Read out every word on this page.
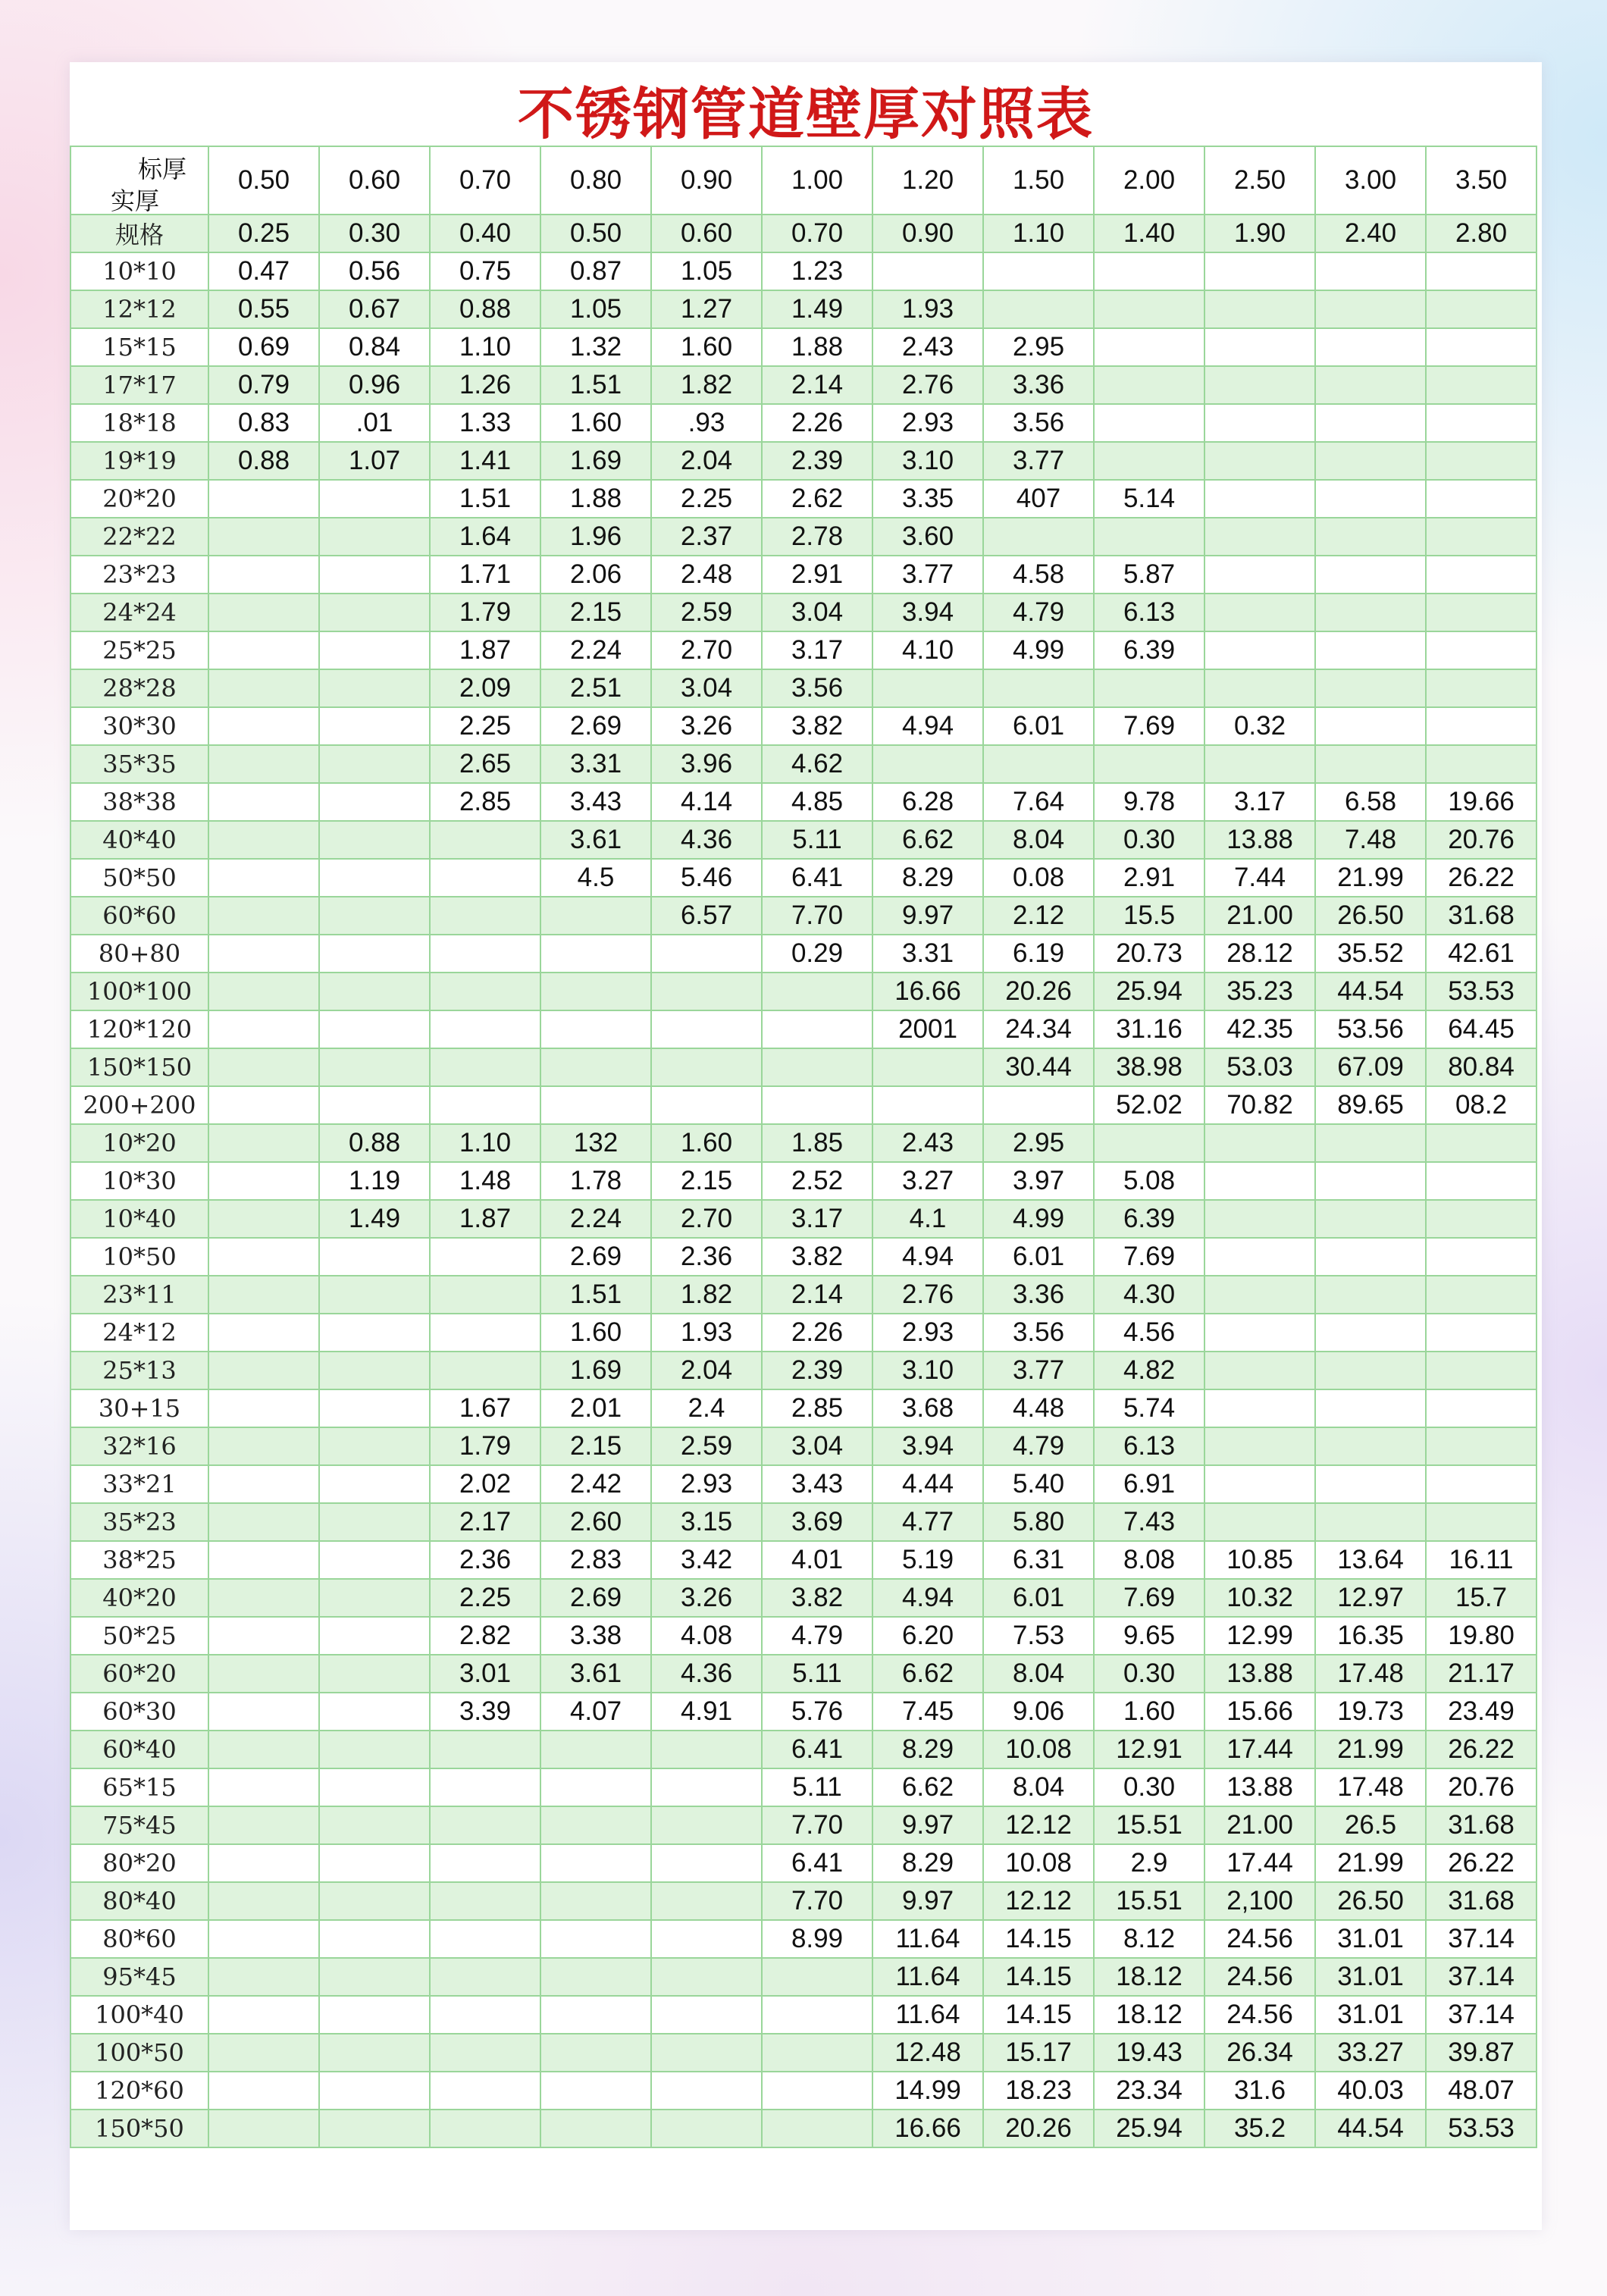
不锈钢管道壁厚对照表
标厚
实厚	0.50	0.60	0.70	0.80	0.90	1.00	1.20	1.50	2.00	2.50	3.00	3.50
规格	0.25	0.30	0.40	0.50	0.60	0.70	0.90	1.10	1.40	1.90	2.40	2.80
10*10	0.47	0.56	0.75	0.87	1.05	1.23						
12*12	0.55	0.67	0.88	1.05	1.27	1.49	1.93					
15*15	0.69	0.84	1.10	1.32	1.60	1.88	2.43	2.95				
17*17	0.79	0.96	1.26	1.51	1.82	2.14	2.76	3.36				
18*18	0.83	.01	1.33	1.60	.93	2.26	2.93	3.56				
19*19	0.88	1.07	1.41	1.69	2.04	2.39	3.10	3.77				
20*20			1.51	1.88	2.25	2.62	3.35	407	5.14			
22*22			1.64	1.96	2.37	2.78	3.60					
23*23			1.71	2.06	2.48	2.91	3.77	4.58	5.87			
24*24			1.79	2.15	2.59	3.04	3.94	4.79	6.13			
25*25			1.87	2.24	2.70	3.17	4.10	4.99	6.39			
28*28			2.09	2.51	3.04	3.56						
30*30			2.25	2.69	3.26	3.82	4.94	6.01	7.69	0.32		
35*35			2.65	3.31	3.96	4.62						
38*38			2.85	3.43	4.14	4.85	6.28	7.64	9.78	3.17	6.58	19.66
40*40				3.61	4.36	5.11	6.62	8.04	0.30	13.88	7.48	20.76
50*50				4.5	5.46	6.41	8.29	0.08	2.91	7.44	21.99	26.22
60*60					6.57	7.70	9.97	2.12	15.5	21.00	26.50	31.68
80+80						0.29	3.31	6.19	20.73	28.12	35.52	42.61
100*100							16.66	20.26	25.94	35.23	44.54	53.53
120*120							2001	24.34	31.16	42.35	53.56	64.45
150*150								30.44	38.98	53.03	67.09	80.84
200+200									52.02	70.82	89.65	08.2
10*20		0.88	1.10	132	1.60	1.85	2.43	2.95				
10*30		1.19	1.48	1.78	2.15	2.52	3.27	3.97	5.08			
10*40		1.49	1.87	2.24	2.70	3.17	4.1	4.99	6.39			
10*50				2.69	2.36	3.82	4.94	6.01	7.69			
23*11				1.51	1.82	2.14	2.76	3.36	4.30			
24*12				1.60	1.93	2.26	2.93	3.56	4.56			
25*13				1.69	2.04	2.39	3.10	3.77	4.82			
30+15			1.67	2.01	2.4	2.85	3.68	4.48	5.74			
32*16			1.79	2.15	2.59	3.04	3.94	4.79	6.13			
33*21			2.02	2.42	2.93	3.43	4.44	5.40	6.91			
35*23			2.17	2.60	3.15	3.69	4.77	5.80	7.43			
38*25			2.36	2.83	3.42	4.01	5.19	6.31	8.08	10.85	13.64	16.11
40*20			2.25	2.69	3.26	3.82	4.94	6.01	7.69	10.32	12.97	15.7
50*25			2.82	3.38	4.08	4.79	6.20	7.53	9.65	12.99	16.35	19.80
60*20			3.01	3.61	4.36	5.11	6.62	8.04	0.30	13.88	17.48	21.17
60*30			3.39	4.07	4.91	5.76	7.45	9.06	1.60	15.66	19.73	23.49
60*40						6.41	8.29	10.08	12.91	17.44	21.99	26.22
65*15						5.11	6.62	8.04	0.30	13.88	17.48	20.76
75*45						7.70	9.97	12.12	15.51	21.00	26.5	31.68
80*20						6.41	8.29	10.08	2.9	17.44	21.99	26.22
80*40						7.70	9.97	12.12	15.51	2,100	26.50	31.68
80*60						8.99	11.64	14.15	8.12	24.56	31.01	37.14
95*45							11.64	14.15	18.12	24.56	31.01	37.14
100*40							11.64	14.15	18.12	24.56	31.01	37.14
100*50							12.48	15.17	19.43	26.34	33.27	39.87
120*60							14.99	18.23	23.34	31.6	40.03	48.07
150*50							16.66	20.26	25.94	35.2	44.54	53.53
